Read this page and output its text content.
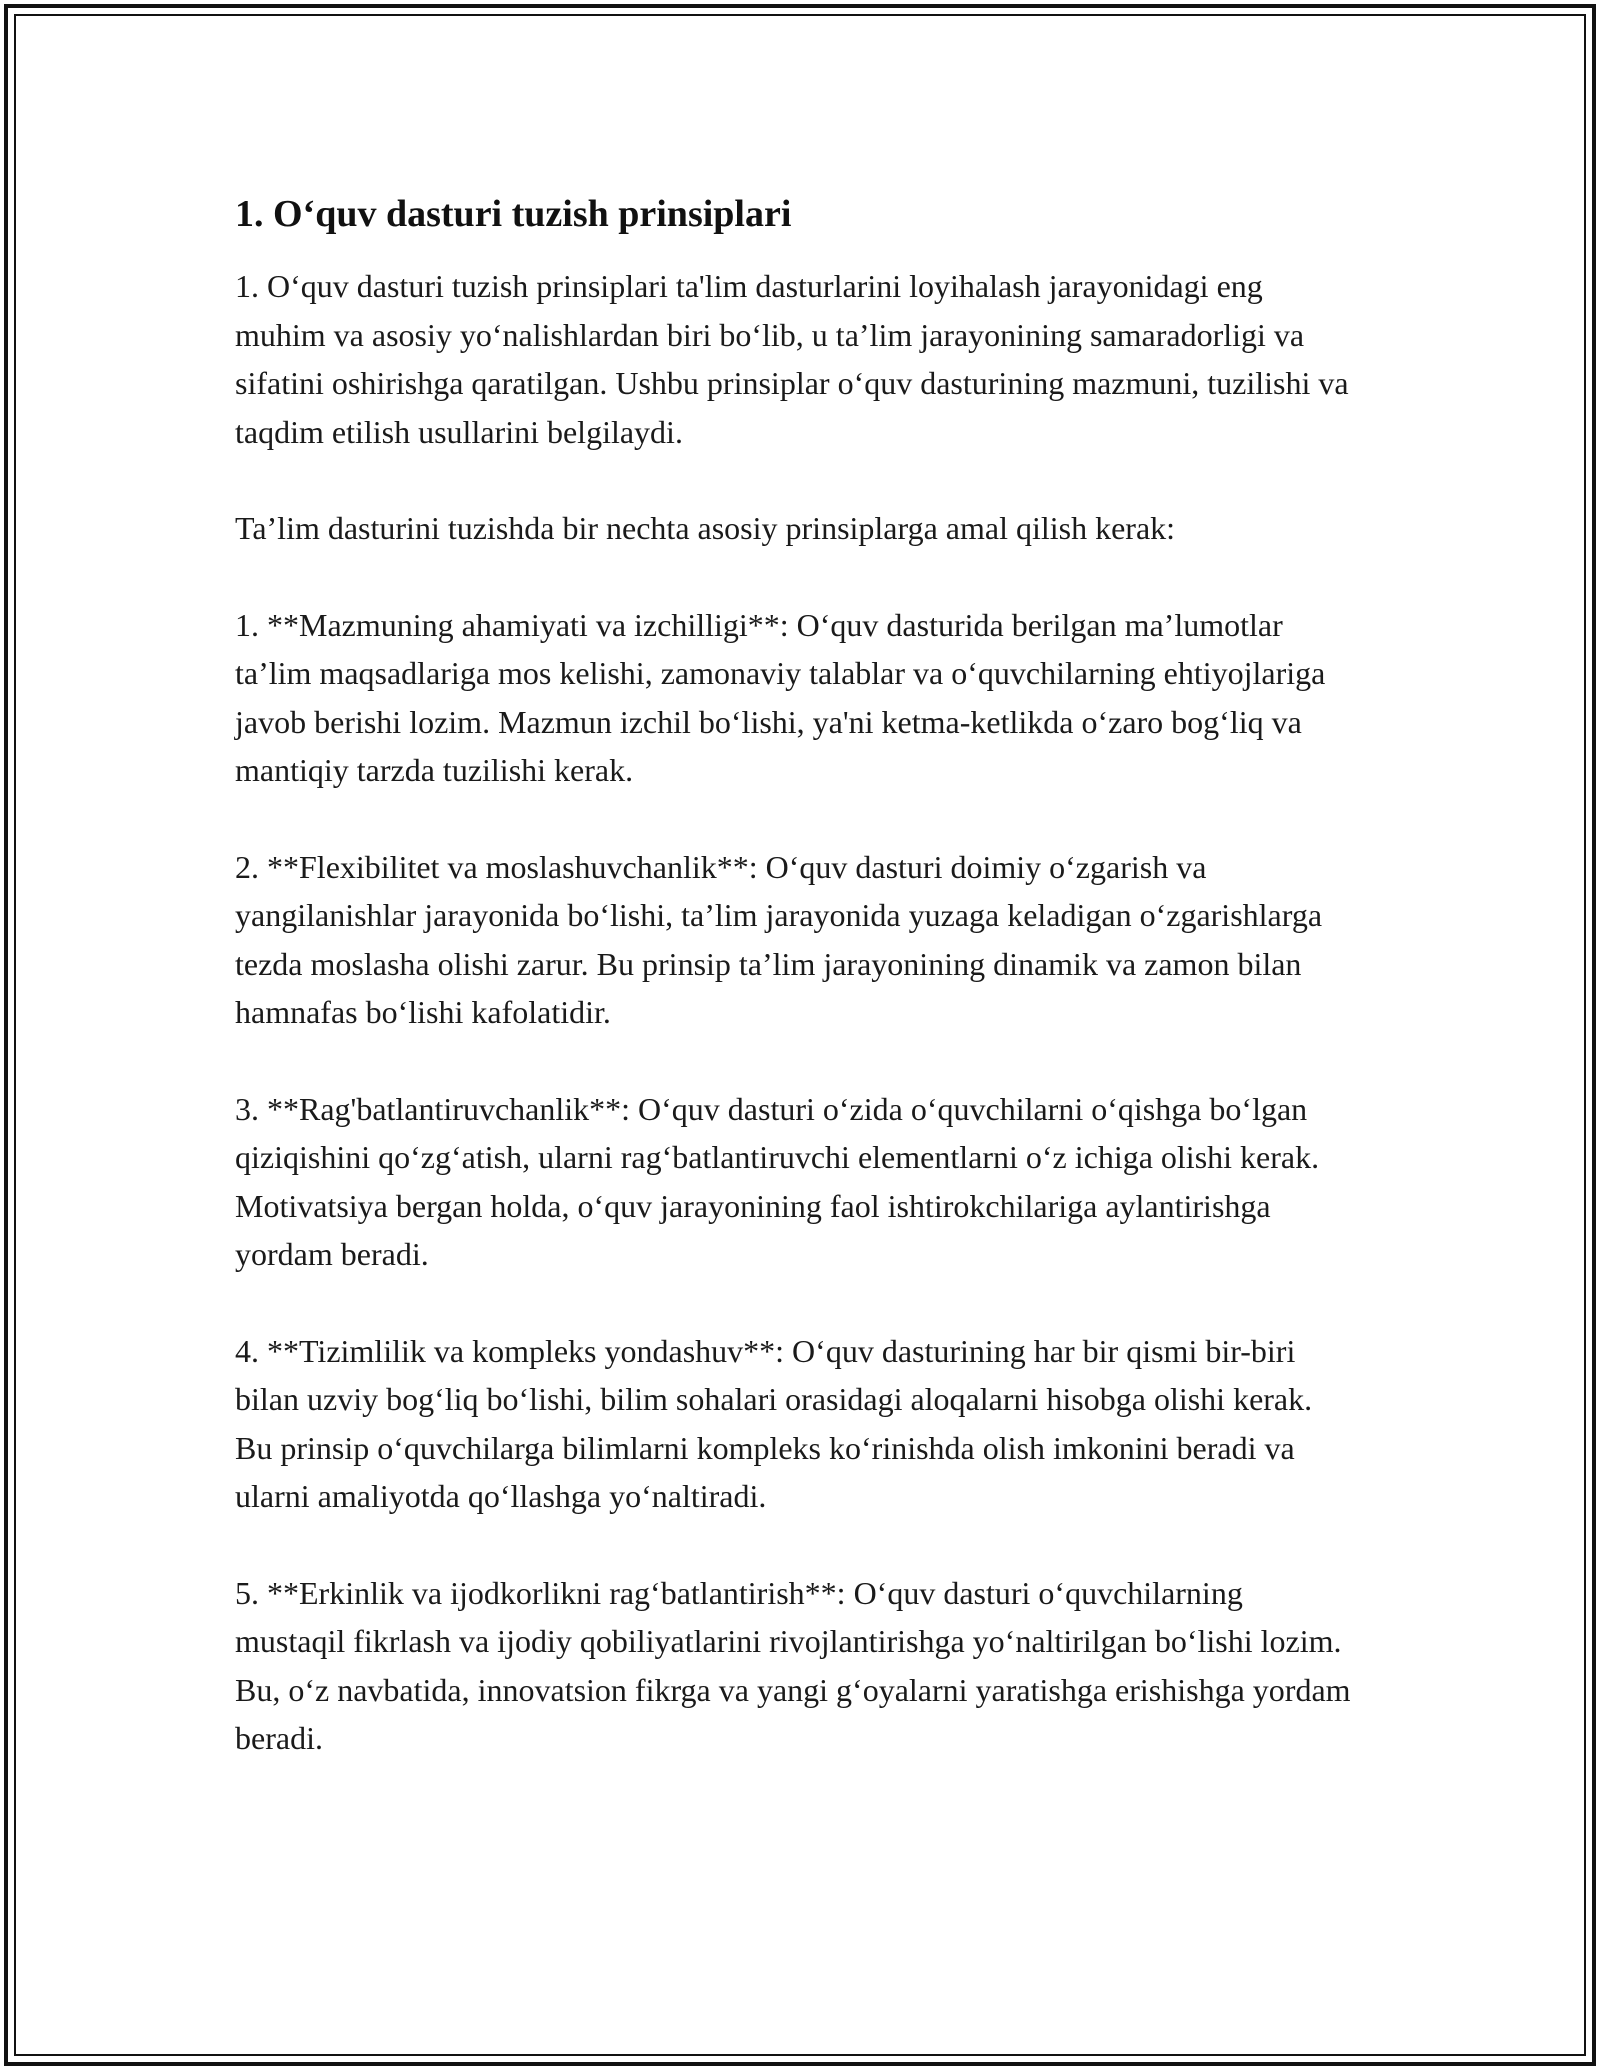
1. O‘quv dasturi tuzish prinsiplari

1. O‘quv dasturi tuzish prinsiplari ta'lim dasturlarini loyihalash jarayonidagi eng muhim va asosiy yo‘nalishlardan biri bo‘lib, u ta’lim jarayonining samaradorligi va sifatini oshirishga qaratilgan. Ushbu prinsiplar o‘quv dasturining mazmuni, tuzilishi va taqdim etilish usullarini belgilaydi.

Ta’lim dasturini tuzishda bir nechta asosiy prinsiplarga amal qilish kerak:

1. **Mazmuning ahamiyati va izchilligi**: O‘quv dasturida berilgan ma’lumotlar ta’lim maqsadlariga mos kelishi, zamonaviy talablar va o‘quvchilarning ehtiyojlariga javob berishi lozim. Mazmun izchil bo‘lishi, ya'ni ketma-ketlikda o‘zaro bog‘liq va mantiqiy tarzda tuzilishi kerak.

2. **Flexibilitet va moslashuvchanlik**: O‘quv dasturi doimiy o‘zgarish va yangilanishlar jarayonida bo‘lishi, ta’lim jarayonida yuzaga keladigan o‘zgarishlarga tezda moslasha olishi zarur. Bu prinsip ta’lim jarayonining dinamik va zamon bilan hamnafas bo‘lishi kafolatidir.

3. **Rag'batlantiruvchanlik**: O‘quv dasturi o‘zida o‘quvchilarni o‘qishga bo‘lgan qiziqishini qo‘zg‘atish, ularni rag‘batlantiruvchi elementlarni o‘z ichiga olishi kerak. Motivatsiya bergan holda, o‘quv jarayonining faol ishtirokchilariga aylantirishga yordam beradi.

4. **Tizimlilik va kompleks yondashuv**: O‘quv dasturining har bir qismi bir-biri bilan uzviy bog‘liq bo‘lishi, bilim sohalari orasidagi aloqalarni hisobga olishi kerak. Bu prinsip o‘quvchilarga bilimlarni kompleks ko‘rinishda olish imkonini beradi va ularni amaliyotda qo‘llashga yo‘naltiradi.

5. **Erkinlik va ijodkorlikni rag‘batlantirish**: O‘quv dasturi o‘quvchilarning mustaqil fikrlash va ijodiy qobiliyatlarini rivojlantirishga yo‘naltirilgan bo‘lishi lozim. Bu, o‘z navbatida, innovatsion fikrga va yangi g‘oyalarni yaratishga erishishga yordam beradi.
